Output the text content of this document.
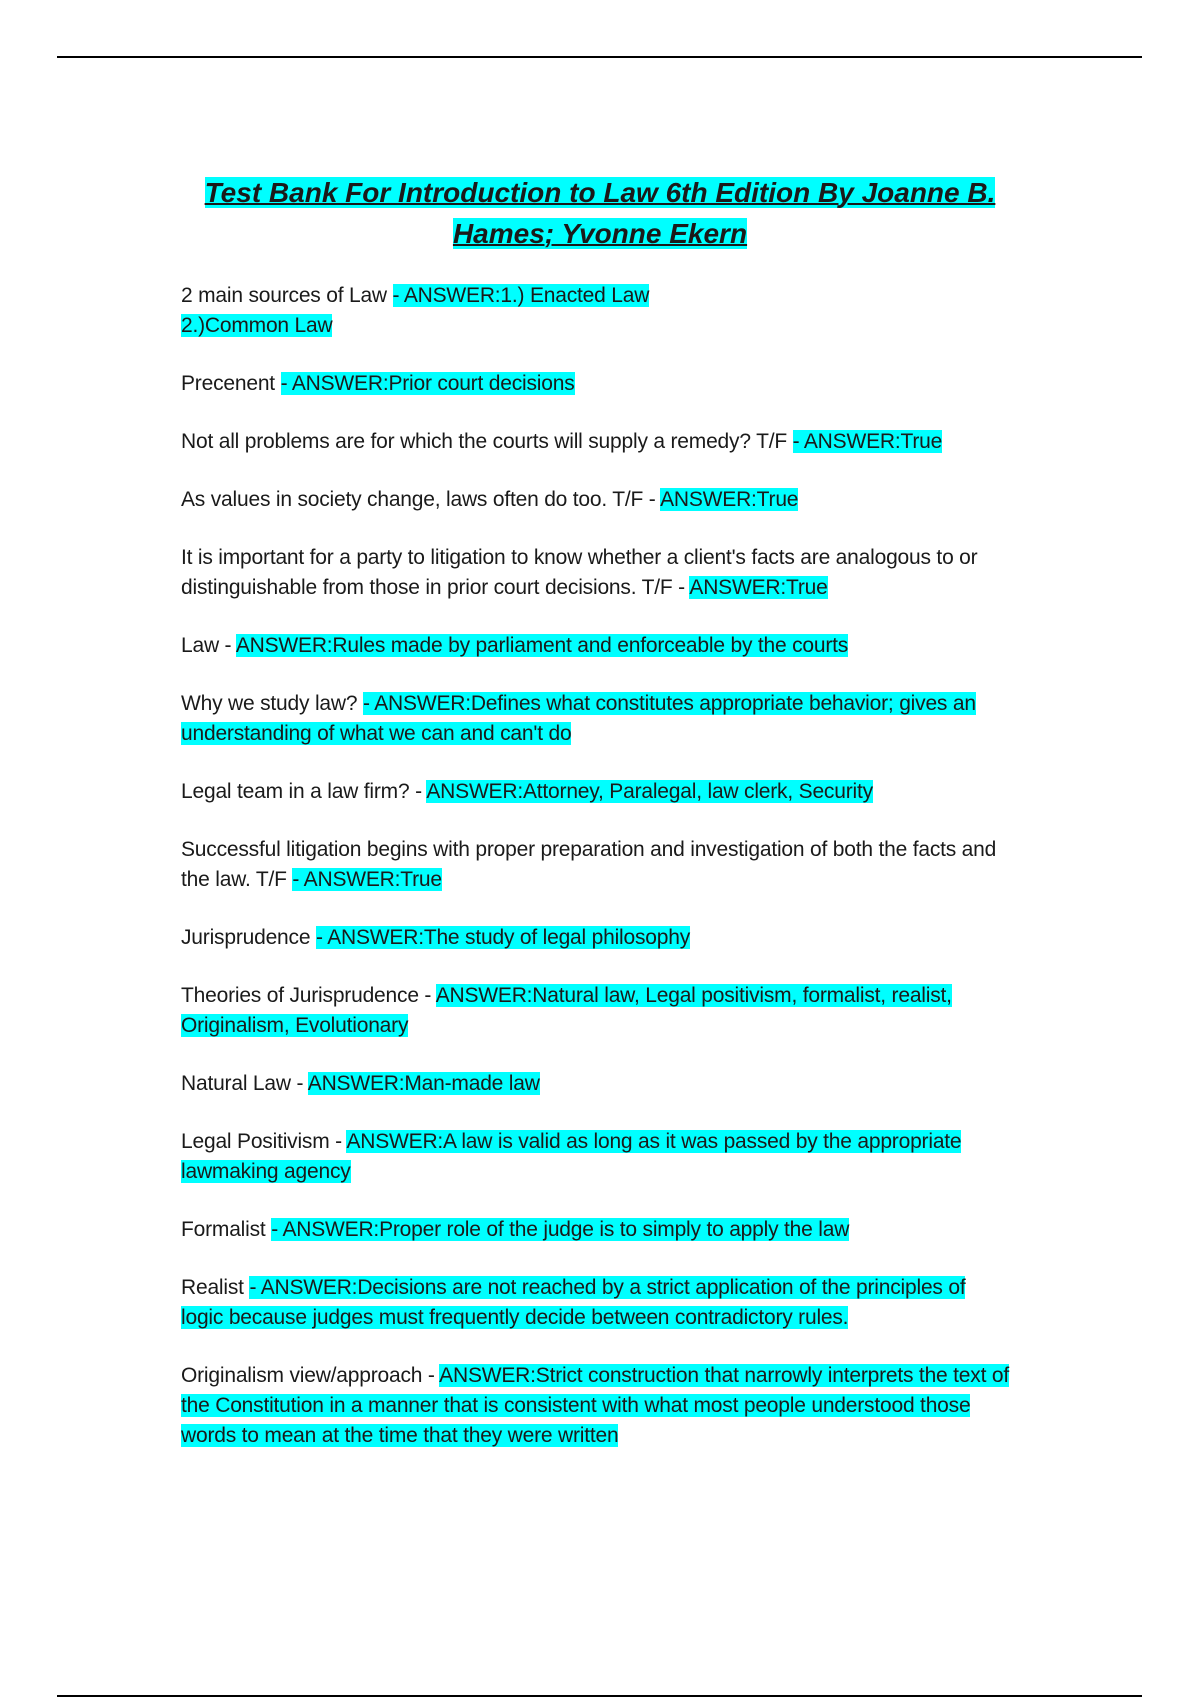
Test Bank For Introduction to Law 6th Edition By Joanne B.
Hames; Yvonne Ekern

2 main sources of Law - ANSWER:1.) Enacted Law
2.)Common Law

Precenent - ANSWER:Prior court decisions

Not all problems are for which the courts will supply a remedy? T/F - ANSWER:True

As values in society change, laws often do too. T/F - ANSWER:True

It is important for a party to litigation to know whether a client's facts are analogous to or distinguishable from those in prior court decisions. T/F - ANSWER:True

Law - ANSWER:Rules made by parliament and enforceable by the courts

Why we study law? - ANSWER:Defines what constitutes appropriate behavior; gives an understanding of what we can and can't do

Legal team in a law firm? - ANSWER:Attorney, Paralegal, law clerk, Security

Successful litigation begins with proper preparation and investigation of both the facts and the law. T/F - ANSWER:True

Jurisprudence - ANSWER:The study of legal philosophy

Theories of Jurisprudence - ANSWER:Natural law, Legal positivism, formalist, realist, Originalism, Evolutionary

Natural Law - ANSWER:Man-made law

Legal Positivism - ANSWER:A law is valid as long as it was passed by the appropriate lawmaking agency

Formalist - ANSWER:Proper role of the judge is to simply to apply the law

Realist - ANSWER:Decisions are not reached by a strict application of the principles of logic because judges must frequently decide between contradictory rules.

Originalism view/approach - ANSWER:Strict construction that narrowly interprets the text of the Constitution in a manner that is consistent with what most people understood those words to mean at the time that they were written
